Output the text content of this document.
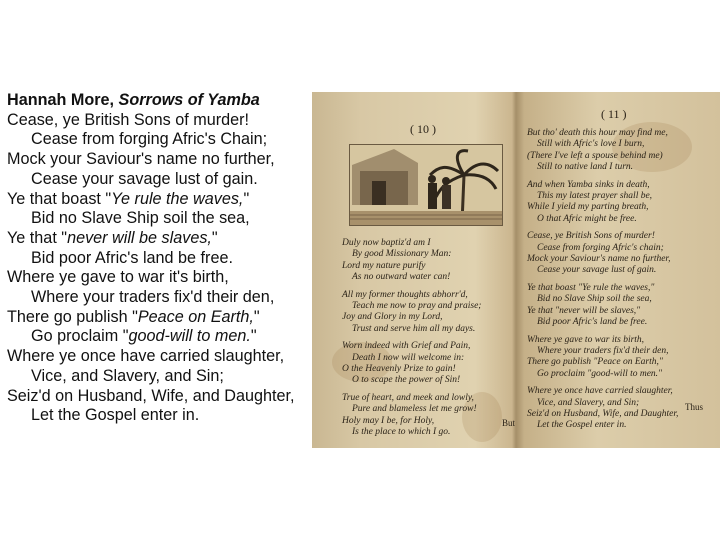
Hannah More, Sorrows of Yamba
Cease, ye British Sons of murder!
Cease from forging Afric's Chain;
Mock your Saviour's name no further,
Cease your savage lust of gain.
Ye that boast "Ye rule the waves,"
Bid no Slave Ship soil the sea,
Ye that "never will be slaves,"
Bid poor Afric's land be free.
Where ye gave to war it's birth,
Where your traders fix'd their den,
There go publish "Peace on Earth,"
Go proclaim "good-will to men."
Where ye once have carried slaughter,
Vice, and Slavery, and Sin;
Seiz'd on Husband, Wife, and Daughter,
Let the Gospel enter in.
( 10 )
Duly now baptiz'd am I
By good Missionary Man:
Lord my nature purify
As no outward water can!
All my former thoughts abhorr'd,
Teach me now to pray and praise;
Joy and Glory in my Lord,
Trust and serve him all my days.
Worn indeed with Grief and Pain,
Death I now will welcome in:
O the Heavenly Prize to gain!
O to scape the power of Sin!
True of heart, and meek and lowly,
Pure and blameless let me grow!
Holy may I be, for Holy,
Is the place to which I go.
But
( 11 )
But tho' death this hour may find me,
Still with Afric's love I burn,
(There I've left a spouse behind me)
Still to native land I turn.
And when Yamba sinks in death,
This my latest prayer shall be,
While I yield my parting breath,
O that Afric might be free.
Cease, ye British Sons of murder!
Cease from forging Afric's chain;
Mock your Saviour's name no further,
Cease your savage lust of gain.
Ye that boast "Ye rule the waves,"
Bid no Slave Ship soil the sea,
Ye that "never will be slaves,"
Bid poor Afric's land be free.
Where ye gave to war its birth,
Where your traders fix'd their den,
There go publish "Peace on Earth,"
Go proclaim "good-will to men."
Where ye once have carried slaughter,
Vice, and Slavery, and Sin;
Seiz'd on Husband, Wife, and Daughter,
Let the Gospel enter in.
Thus
